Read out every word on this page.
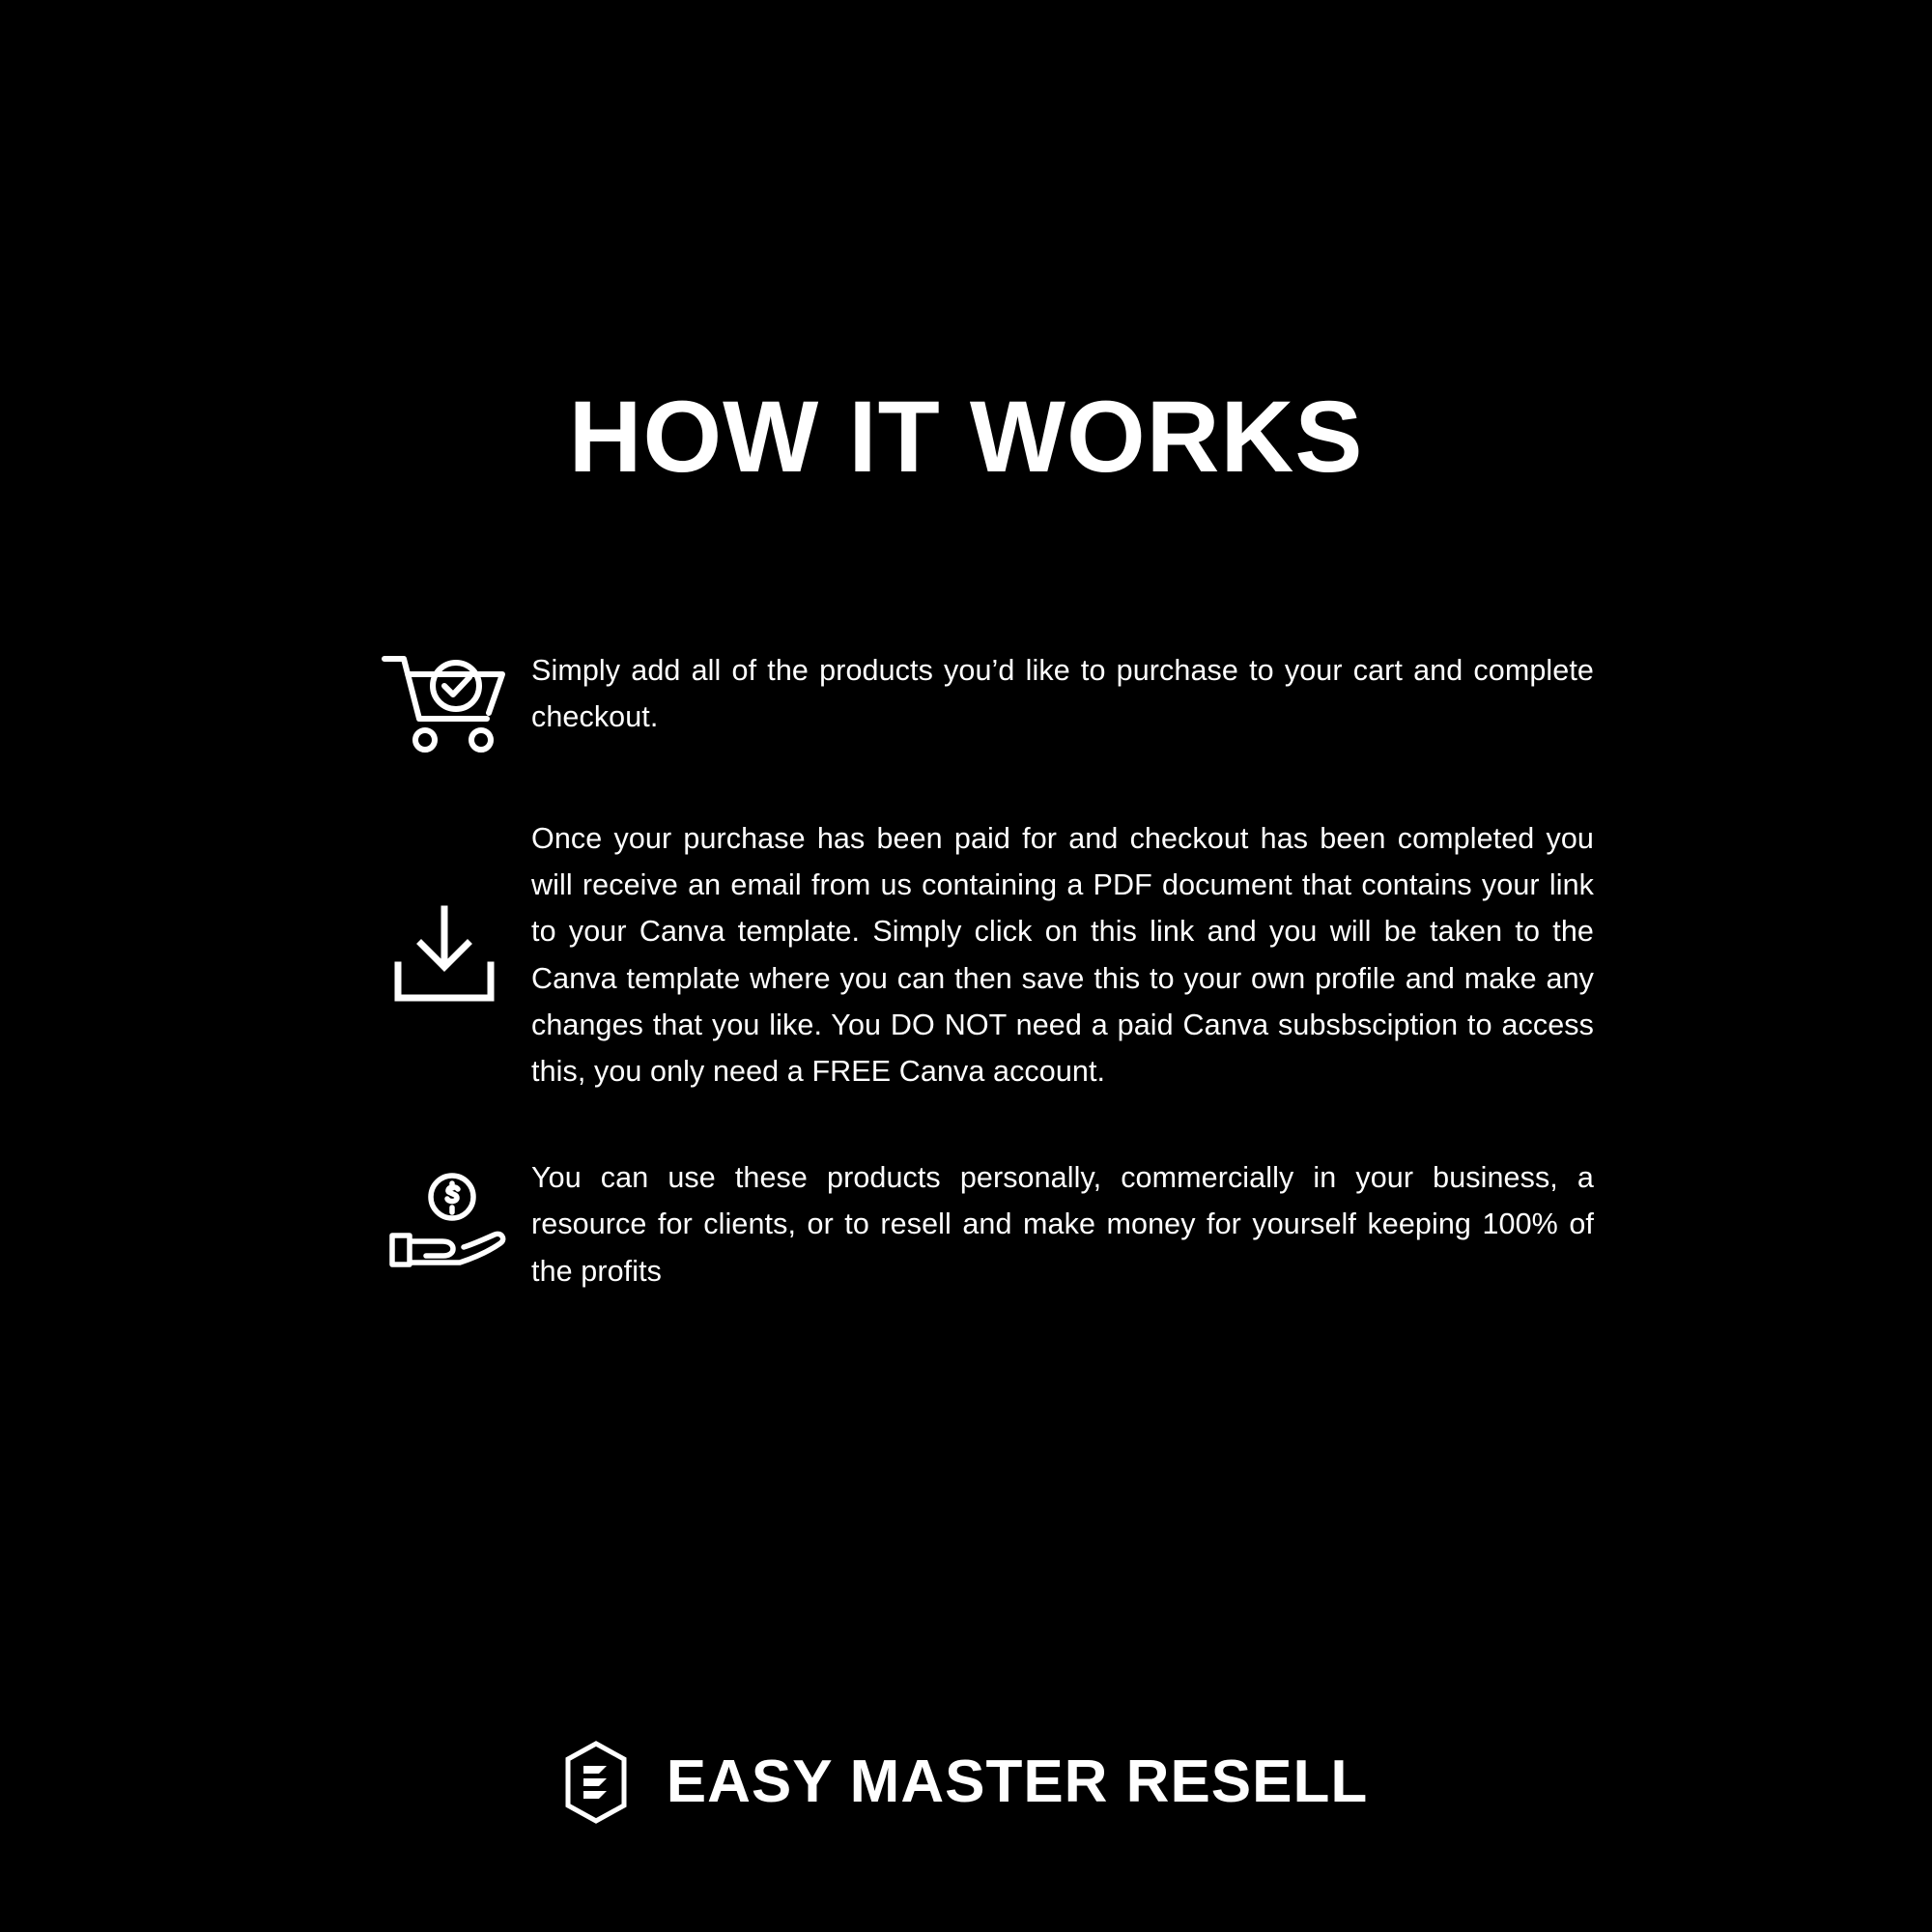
HOW IT WORKS
Simply add all of the products you’d like to purchase to your cart and complete checkout.
Once your purchase has been paid for and checkout has been completed you will receive an email from us containing a PDF document that contains your link to your Canva template. Simply click on this link and you will be taken to the Canva template where you can then save this to your own profile and make any changes that you like. You DO NOT need a paid Canva subsbsciption to access this, you only need a FREE Canva account.
You can use these products personally, commercially in your business, a resource for clients, or to resell and make money for yourself keeping 100% of the profits
EASY MASTER RESELL
